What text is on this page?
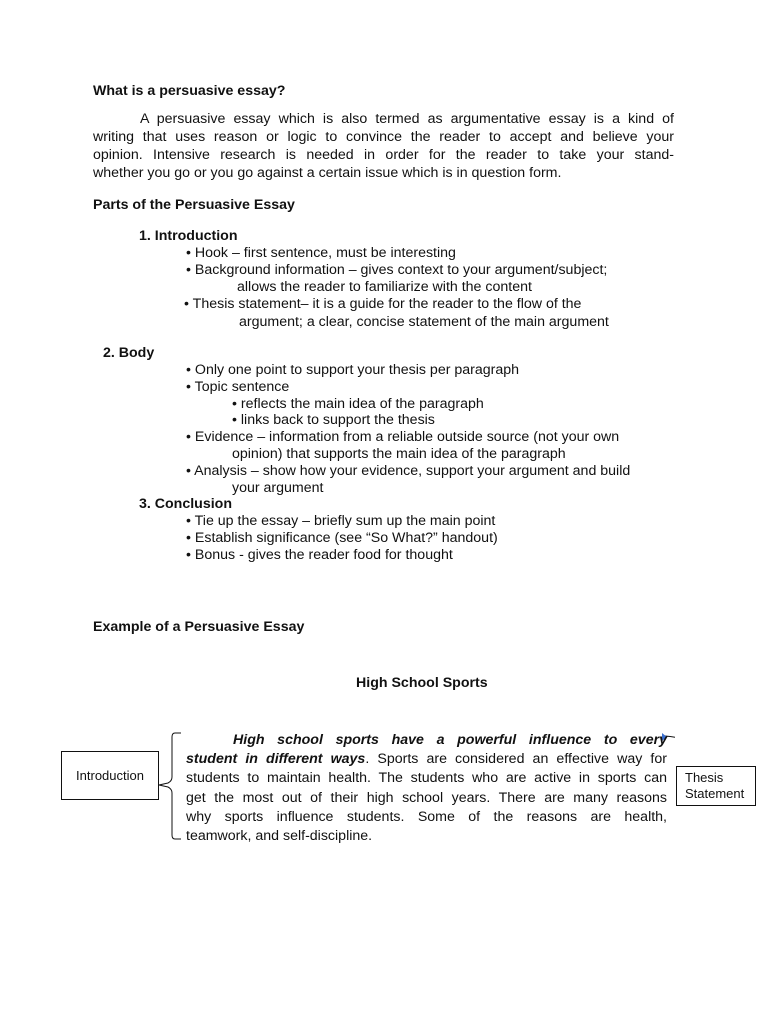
What is a persuasive essay?
A persuasive essay which is also termed as argumentative essay is a kind of
writing that uses reason or logic to convince the reader to accept and believe your
opinion. Intensive research is needed in order for the reader to take your stand-
whether you go or you go against a certain issue which is in question form.
Parts of the Persuasive Essay
1. Introduction
• Hook – first sentence, must be interesting
• Background information – gives context to your argument/subject;
allows the reader to familiarize with the content
• Thesis statement– it is a guide for the reader to the flow of the
argument; a clear, concise statement of the main argument
2. Body
• Only one point to support your thesis per paragraph
• Topic sentence
• reflects the main idea of the paragraph
• links back to support the thesis
• Evidence – information from a reliable outside source (not your own
opinion) that supports the main idea of the paragraph
• Analysis – show how your evidence, support your argument and build
your argument
3. Conclusion
• Tie up the essay – briefly sum up the main point
• Establish significance (see “So What?” handout)
• Bonus - gives the reader food for thought
Example of a Persuasive Essay
High School Sports
Introduction	Thesis
Statement
High school sports have a powerful influence to every
student in different ways. Sports are considered an effective way for
students to maintain health. The students who are active in sports can
get the most out of their high school years. There are many reasons
why sports influence students. Some of the reasons are health,
teamwork, and self-discipline.
